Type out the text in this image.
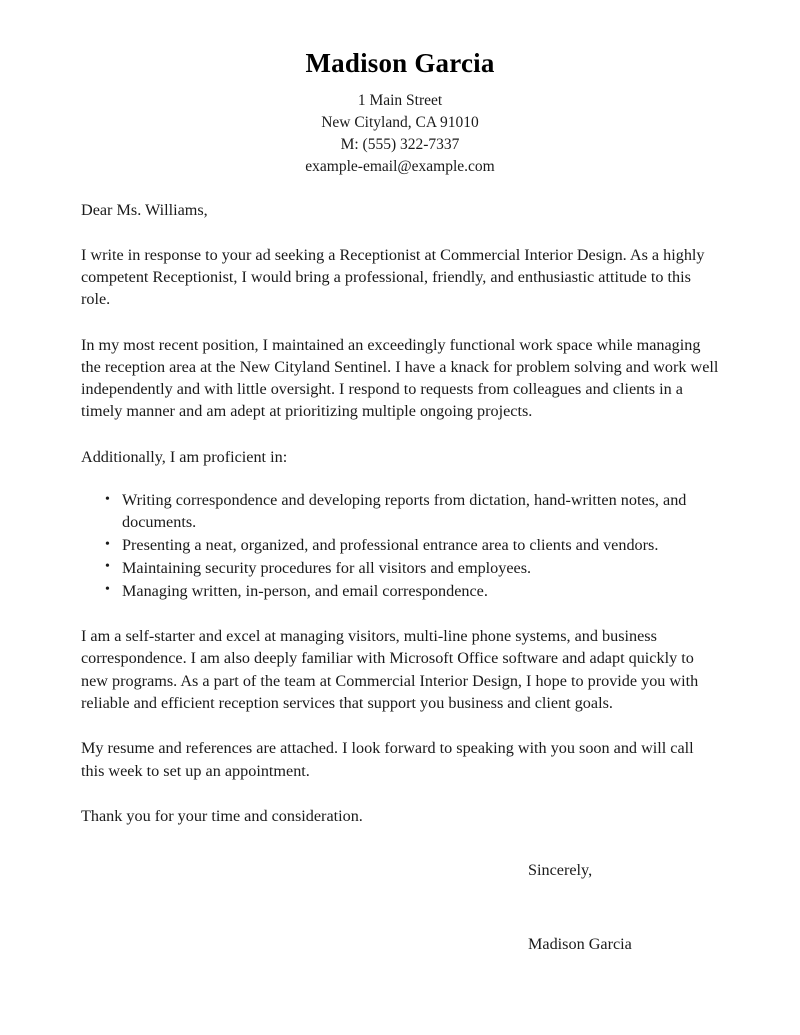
Madison Garcia

1 Main Street

New Cityland, CA 91010

M: (555) 322-7337

example-email@example.com

Dear Ms. Williams,

I write in response to your ad seeking a Receptionist at Commercial Interior Design. As a highly competent Receptionist, I would bring a professional, friendly, and enthusiastic attitude to this role.

In my most recent position, I maintained an exceedingly functional work space while managing the reception area at the New Cityland Sentinel. I have a knack for problem solving and work well independently and with little oversight. I respond to requests from colleagues and clients in a timely manner and am adept at prioritizing multiple ongoing projects.

Additionally, I am proficient in:

• Writing correspondence and developing reports from dictation, hand-written notes, and documents.
• Presenting a neat, organized, and professional entrance area to clients and vendors.
• Maintaining security procedures for all visitors and employees.
• Managing written, in-person, and email correspondence.

I am a self-starter and excel at managing visitors, multi-line phone systems, and business correspondence. I am also deeply familiar with Microsoft Office software and adapt quickly to new programs. As a part of the team at Commercial Interior Design, I hope to provide you with reliable and efficient reception services that support you business and client goals.

My resume and references are attached. I look forward to speaking with you soon and will call this week to set up an appointment.

Thank you for your time and consideration.

Sincerely,

Madison Garcia
